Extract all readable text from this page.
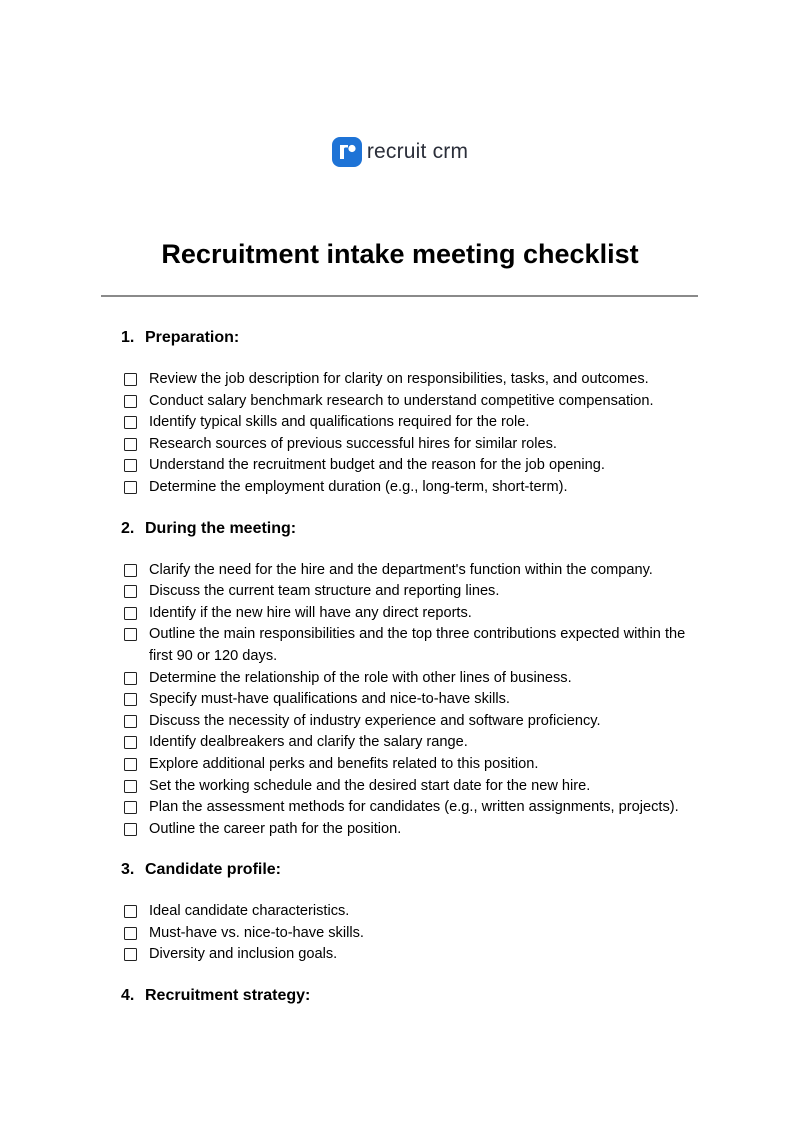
recruit crm
Recruitment intake meeting checklist
1. Preparation:
Review the job description for clarity on responsibilities, tasks, and outcomes.
Conduct salary benchmark research to understand competitive compensation.
Identify typical skills and qualifications required for the role.
Research sources of previous successful hires for similar roles.
Understand the recruitment budget and the reason for the job opening.
Determine the employment duration (e.g., long-term, short-term).
2. During the meeting:
Clarify the need for the hire and the department's function within the company.
Discuss the current team structure and reporting lines.
Identify if the new hire will have any direct reports.
Outline the main responsibilities and the top three contributions expected within the first 90 or 120 days.
Determine the relationship of the role with other lines of business.
Specify must-have qualifications and nice-to-have skills.
Discuss the necessity of industry experience and software proficiency.
Identify dealbreakers and clarify the salary range.
Explore additional perks and benefits related to this position.
Set the working schedule and the desired start date for the new hire.
Plan the assessment methods for candidates (e.g., written assignments, projects).
Outline the career path for the position.
3. Candidate profile:
Ideal candidate characteristics.
Must-have vs. nice-to-have skills.
Diversity and inclusion goals.
4. Recruitment strategy:
